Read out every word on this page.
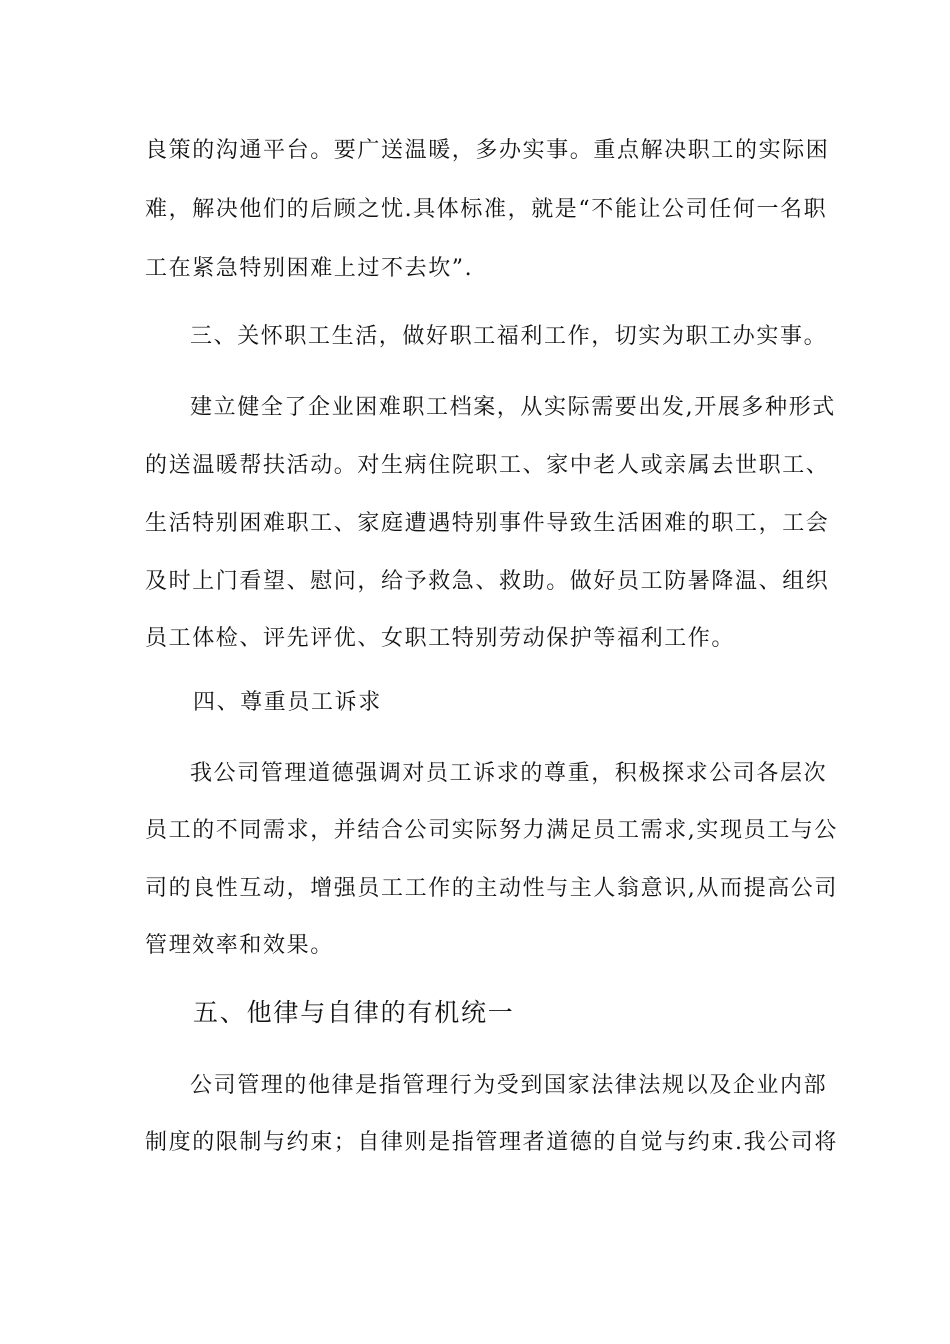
良策的沟通平台。要广送温暖，多办实事。重点解决职工的实际困
难，解决他们的后顾之忧.具体标准，就是“不能让公司任何一名职
工在紧急特别困难上过不去坎”.
三、关怀职工生活，做好职工福利工作，切实为职工办实事。
建立健全了企业困难职工档案，从实际需要出发,开展多种形式
的送温暖帮扶活动。对生病住院职工、家中老人或亲属去世职工、
生活特别困难职工、家庭遭遇特别事件导致生活困难的职工，工会
及时上门看望、慰问，给予救急、救助。做好员工防暑降温、组织
员工体检、评先评优、女职工特别劳动保护等福利工作。
四、尊重员工诉求
我公司管理道德强调对员工诉求的尊重，积极探求公司各层次
员工的不同需求，并结合公司实际努力满足员工需求,实现员工与公
司的良性互动，增强员工工作的主动性与主人翁意识,从而提高公司
管理效率和效果。
五、他律与自律的有机统一
公司管理的他律是指管理行为受到国家法律法规以及企业内部
制度的限制与约束；自律则是指管理者道德的自觉与约束.我公司将
